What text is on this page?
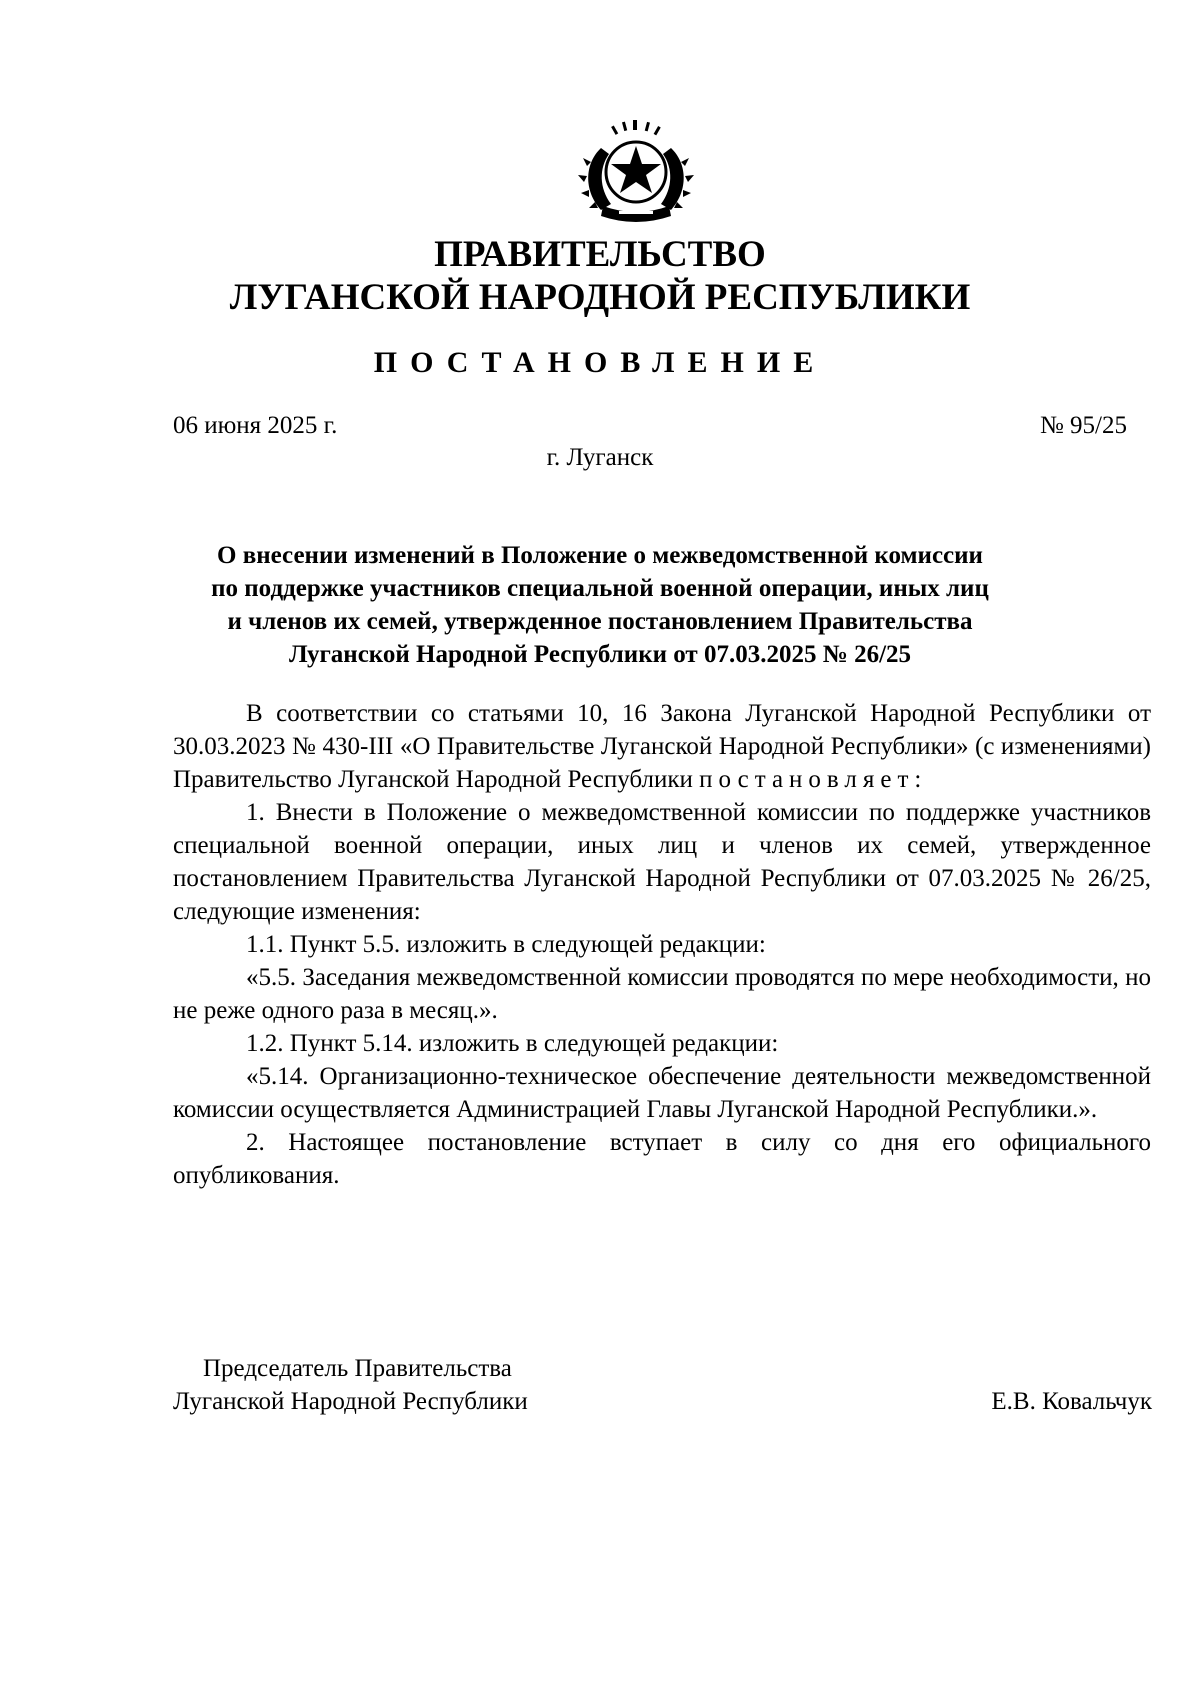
ПРАВИТЕЛЬСТВО
ЛУГАНСКОЙ НАРОДНОЙ РЕСПУБЛИКИ
ПОСТАНОВЛЕНИЕ
06 июня 2025 г.	№ 95/25
г. Луганск
О внесении изменений в Положение о межведомственной комиссии
по поддержке участников специальной военной операции, иных лиц
и членов их семей, утвержденное постановлением Правительства
Луганской Народной Республики от 07.03.2025 № 26/25

В соответствии со статьями 10, 16 Закона Луганской Народной Республики от 30.03.2023 № 430-III «О Правительстве Луганской Народной Республики» (с изменениями) Правительство Луганской Народной Республики постановляет:

1. Внести в Положение о межведомственной комиссии по поддержке участников специальной военной операции, иных лиц и членов их семей, утвержденное постановлением Правительства Луганской Народной Республики от 07.03.2025 № 26/25, следующие изменения:

1.1. Пункт 5.5. изложить в следующей редакции:

«5.5. Заседания межведомственной комиссии проводятся по мере необходимости, но не реже одного раза в месяц.».

1.2. Пункт 5.14. изложить в следующей редакции:

«5.14. Организационно-техническое обеспечение деятельности межведомственной комиссии осуществляется Администрацией Главы Луганской Народной Республики.».

2. Настоящее постановление вступает в силу со дня его официального опубликования.

Председатель Правительства
Луганской Народной Республики	Е.В. Ковальчук
